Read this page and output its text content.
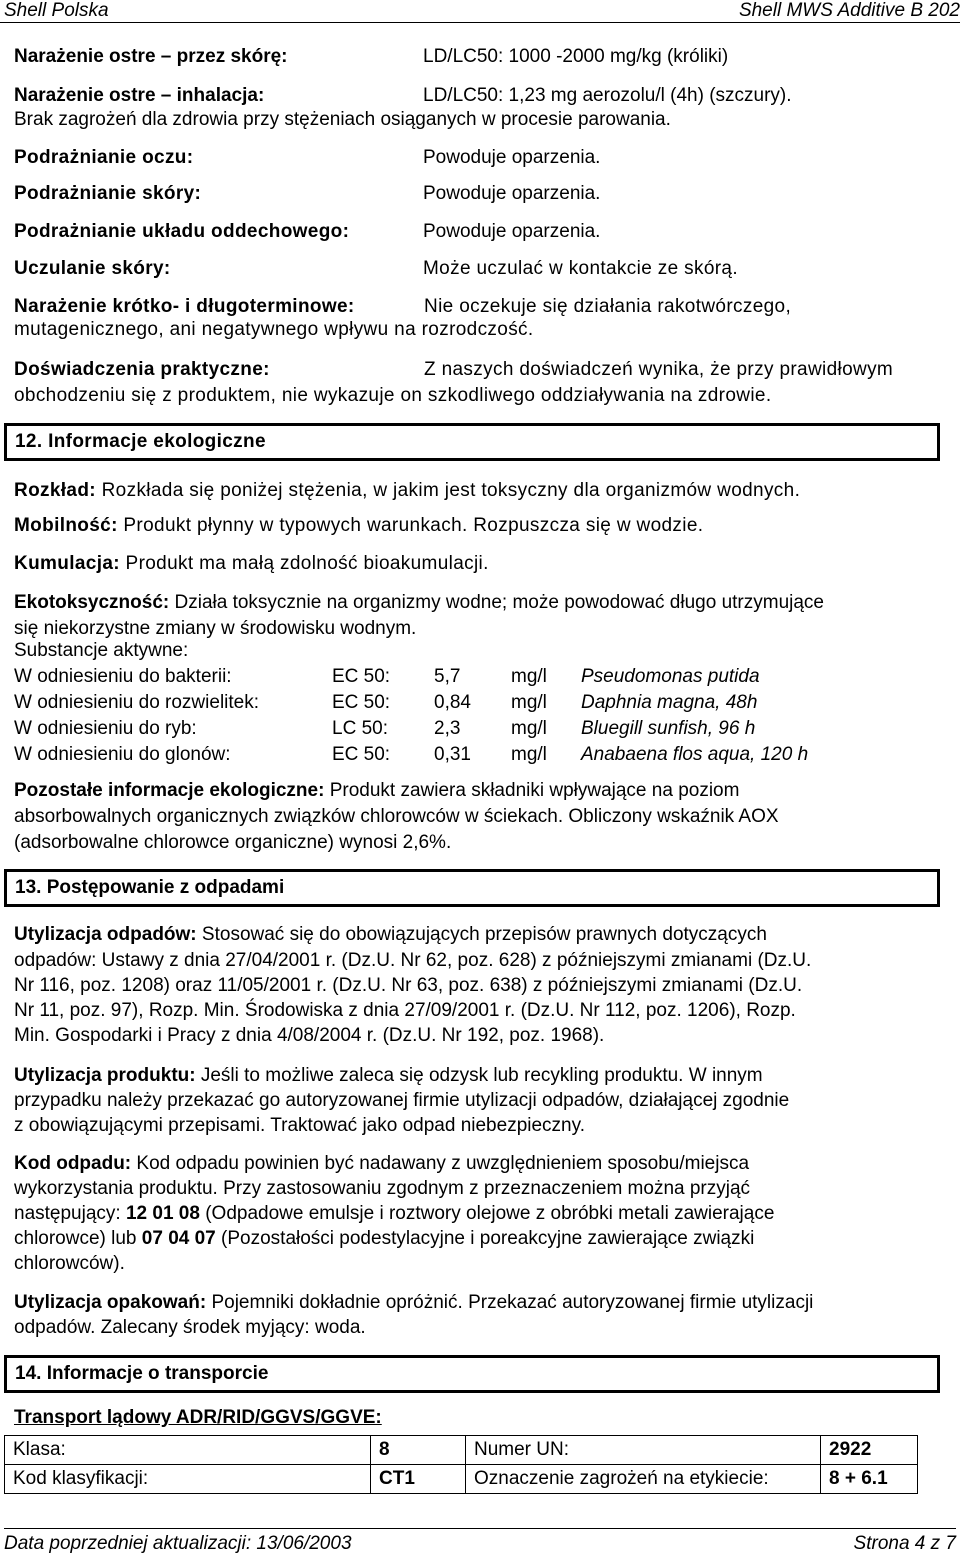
Shell Polska	Shell MWS Additive B 202
Narażenie ostre – przez skórę:	LD/LC50: 1000 -2000 mg/kg (króliki)
Narażenie ostre – inhalacja:	LD/LC50: 1,23 mg aerozolu/l (4h) (szczury).
Brak zagrożeń dla zdrowia przy stężeniach osiąganych w procesie parowania.
Podrażnianie oczu:	Powoduje oparzenia.
Podrażnianie skóry:	Powoduje oparzenia.
Podrażnianie układu oddechowego:	Powoduje oparzenia.
Uczulanie skóry:	Może uczulać w kontakcie ze skórą.
Narażenie krótko- i długoterminowe:	Nie oczekuje się działania rakotwórczego,
mutagenicznego, ani negatywnego wpływu na rozrodczość.
Doświadczenia praktyczne:	Z naszych doświadczeń wynika, że przy prawidłowym
obchodzeniu się z produktem, nie wykazuje on szkodliwego oddziaływania na zdrowie.
12. Informacje ekologiczne
Rozkład: Rozkłada się poniżej stężenia, w jakim jest toksyczny dla organizmów wodnych.
Mobilność: Produkt płynny w typowych warunkach. Rozpuszcza się w wodzie.
Kumulacja: Produkt ma małą zdolność bioakumulacji.
Ekotoksyczność: Działa toksycznie na organizmy wodne; może powodować długo utrzymujące
się niekorzystne zmiany w środowisku wodnym.
Substancje aktywne:
W odniesieniu do bakterii:	EC 50:	5,7	mg/l	Pseudomonas putida
W odniesieniu do rozwielitek:	EC 50:	0,84	mg/l	Daphnia magna, 48h
W odniesieniu do ryb:	LC 50:	2,3	mg/l	Bluegill sunfish, 96 h
W odniesieniu do glonów:	EC 50:	0,31	mg/l	Anabaena flos aqua, 120 h
Pozostałe informacje ekologiczne: Produkt zawiera składniki wpływające na poziom
absorbowalnych organicznych związków chlorowców w ściekach. Obliczony wskaźnik AOX
(adsorbowalne chlorowce organiczne) wynosi 2,6%.
13. Postępowanie z odpadami
Utylizacja odpadów: Stosować się do obowiązujących przepisów prawnych dotyczących
odpadów: Ustawy z dnia 27/04/2001 r. (Dz.U. Nr 62, poz. 628) z późniejszymi zmianami (Dz.U.
Nr 116, poz. 1208) oraz 11/05/2001 r. (Dz.U. Nr 63, poz. 638) z późniejszymi zmianami (Dz.U.
Nr 11, poz. 97), Rozp. Min. Środowiska z dnia 27/09/2001 r. (Dz.U. Nr 112, poz. 1206), Rozp.
Min. Gospodarki i Pracy z dnia 4/08/2004 r. (Dz.U. Nr 192, poz. 1968).
Utylizacja produktu: Jeśli to możliwe zaleca się odzysk lub recykling produktu. W innym
przypadku należy przekazać go autoryzowanej firmie utylizacji odpadów, działającej zgodnie
z obowiązującymi przepisami. Traktować jako odpad niebezpieczny.
Kod odpadu: Kod odpadu powinien być nadawany z uwzględnieniem sposobu/miejsca
wykorzystania produktu. Przy zastosowaniu zgodnym z przeznaczeniem można przyjąć
następujący: 12 01 08 (Odpadowe emulsje i roztwory olejowe z obróbki metali zawierające
chlorowce) lub 07 04 07 (Pozostałości podestylacyjne i poreakcyjne zawierające związki
chlorowców).
Utylizacja opakowań: Pojemniki dokładnie opróżnić. Przekazać autoryzowanej firmie utylizacji
odpadów. Zalecany środek myjący: woda.
14. Informacje o transporcie
Transport lądowy ADR/RID/GGVS/GGVE:
Klasa:	8	Numer UN:	2922
Kod klasyfikacji:	CT1	Oznaczenie zagrożeń na etykiecie:	8 + 6.1
Data poprzedniej aktualizacji: 13/06/2003	Strona 4 z 7
